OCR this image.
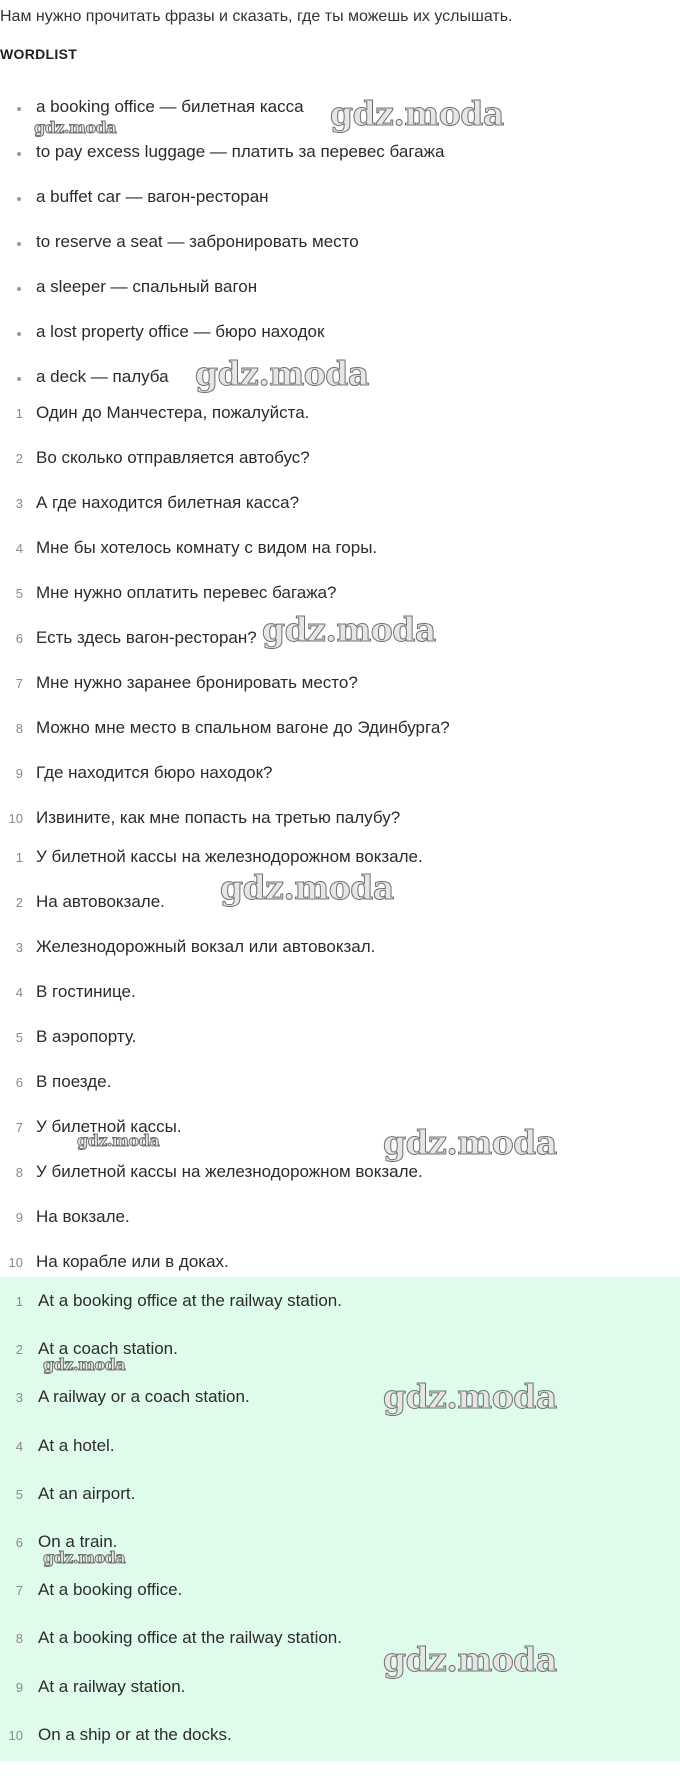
Нам нужно прочитать фразы и сказать, где ты можешь их услышать.
WORDLIST
a booking office — билетная касса
to pay excess luggage — платить за перевес багажа
a buffet car — вагон-ресторан
to reserve a seat — забронировать место
a sleeper — спальный вагон
a lost property office — бюро находок
a deck — палуба
1 Один до Манчестера, пожалуйста.
2 Во сколько отправляется автобус?
3 А где находится билетная касса?
4 Мне бы хотелось комнату с видом на горы.
5 Мне нужно оплатить перевес багажа?
6 Есть здесь вагон-ресторан?
7 Мне нужно заранее бронировать место?
8 Можно мне место в спальном вагоне до Эдинбурга?
9 Где находится бюро находок?
10 Извините, как мне попасть на третью палубу?
1 У билетной кассы на железнодорожном вокзале.
2 На автовокзале.
3 Железнодорожный вокзал или автовокзал.
4 В гостинице.
5 В аэропорту.
6 В поезде.
7 У билетной кассы.
8 У билетной кассы на железнодорожном вокзале.
9 На вокзале.
10 На корабле или в доках.
1 At a booking office at the railway station.
2 At a coach station.
3 A railway or a coach station.
4 At a hotel.
5 At an airport.
6 On a train.
7 At a booking office.
8 At a booking office at the railway station.
9 At a railway station.
10 On a ship or at the docks.
gdz.moda
gdz.moda
gdz.moda
gdz.moda
gdz.moda
gdz.moda	gdz.moda
gdz.moda
gdz.moda
gdz.moda
gdz.moda
